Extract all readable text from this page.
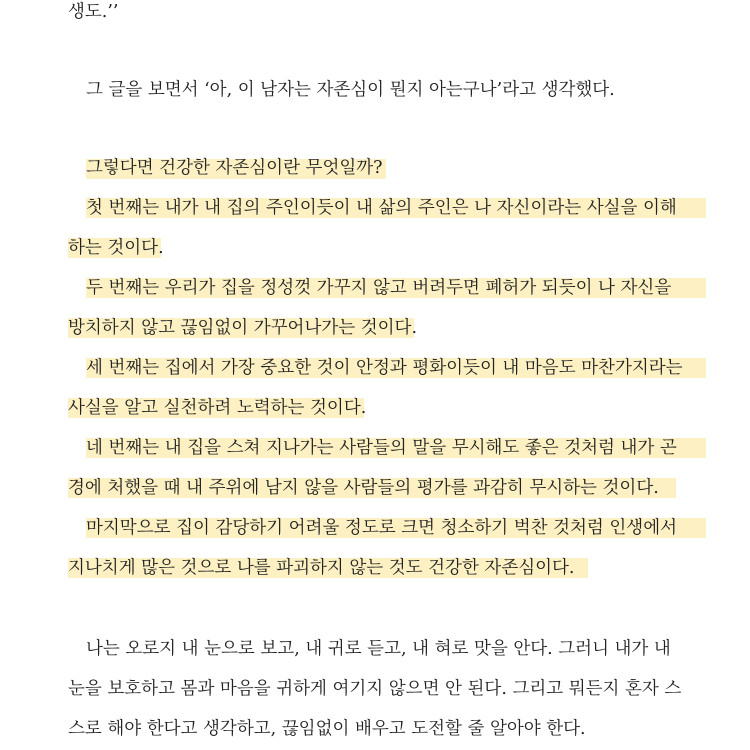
생도.’’
그 글을 보면서 ‘아, 이 남자는 자존심이 뭔지 아는구나’라고 생각했다.
그렇다면 건강한 자존심이란 무엇일까?
첫 번째는 내가 내 집의 주인이듯이 내 삶의 주인은 나 자신이라는 사실을 이해
하는 것이다.
두 번째는 우리가 집을 정성껏 가꾸지 않고 버려두면 폐허가 되듯이 나 자신을
방치하지 않고 끊임없이 가꾸어나가는 것이다.
세 번째는 집에서 가장 중요한 것이 안정과 평화이듯이 내 마음도 마찬가지라는
사실을 알고 실천하려 노력하는 것이다.
네 번째는 내 집을 스쳐 지나가는 사람들의 말을 무시해도 좋은 것처럼 내가 곤
경에 처했을 때 내 주위에 남지 않을 사람들의 평가를 과감히 무시하는 것이다.
마지막으로 집이 감당하기 어려울 정도로 크면 청소하기 벅찬 것처럼 인생에서
지나치게 많은 것으로 나를 파괴하지 않는 것도 건강한 자존심이다.
나는 오로지 내 눈으로 보고, 내 귀로 듣고, 내 혀로 맛을 안다. 그러니 내가 내
눈을 보호하고 몸과 마음을 귀하게 여기지 않으면 안 된다. 그리고 뭐든지 혼자 스
스로 해야 한다고 생각하고, 끊임없이 배우고 도전할 줄 알아야 한다.
